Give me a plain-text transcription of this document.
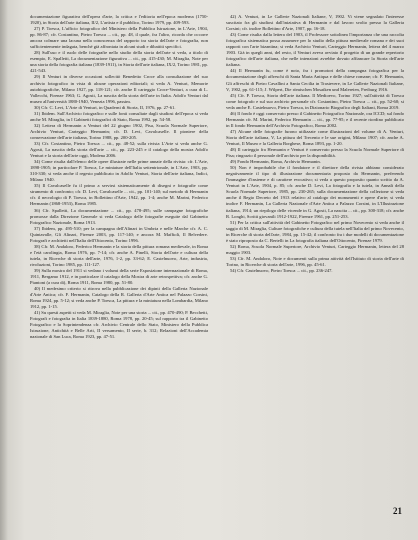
documentazione figurativa dell'opera d'arte, la critica e l'editoria nell'epoca moderna (1750-1920), in Storia dell'arte italiana, II/2, L'artista e il pubblico, Torino 1979, pp. 409-593.

27) P. Toesca, L'ufficio fotografico del Ministero della Pubblica Istruzione, in L'Arte, 1904, pp. 86-87; cfr. Costantino, Pietro Toesca ... cit., pp. 48, il quale, fra l'altro, ricorda che occorre ancora colmare una lacuna nella conoscenza del rapporto tra storia dell'arte e fotografia, non sufficientemente indagata, benché già affrontata in alcuni studi e dibattiti specifici.

28) Sull'uso e il ruolo delle fotografie nello studio della storia dell'arte si veda, a titolo di esempio, E. Spalletti, La documentazione figurativa ... cit., pp. 415-430; M. Miraglia, Note per una storia della fotografia italiana (1839-1911), in Storia dell'arte italiana, IX/2, Torino 1981, pp. 421-543.

29) Il Venturi in diverse occasioni sollecitò Benedetto Croce alla consultazione del suo archivio fotografico in vista di alcune operazioni editoriali; si veda A. Venturi, Memorie autobiografiche, Milano 1927, pp. 118-121; cfr. anche Il carteggio Croce-Venturi, a cura di L. Vallecchi, Firenze 1963; G. Agosti, La nascita della storia dell'arte in Italia. Adolfo Venturi dal museo all'università 1880-1940, Venezia 1996, passim.

30) Cfr. C. Levi, L'Arte di Venturi, in Quaderni di Storia, II, 1976, pp. 27-61.

31) Ibidem. Sull'Archivio fotografico e sulle fonti consultate dagli studiosi dell'epoca si veda anche M. Miraglia, in I Gabinetti fotografici di Stato, Roma 1992, pp. 54-58.

32) Lettera di Hermanin a Venturi del 22 giugno 1902, Pisa, Scuola Normale Superiore, Archivio Venturi, Carteggio Hermanin; cfr. D. Levi, Cavalcaselle. Il pioniere della conservazione dell'arte italiana, Torino 1988, pp. 200-205.

33) Cfr. Costantino, Pietro Toesca ... cit., pp. 48-52; sulla rivista L'Arte si veda anche G. Agosti, La nascita della storia dell'arte ... cit., pp. 223-245 e il catalogo della mostra Adolfo Venturi e la storia dell'arte oggi, Modena 2006.

34) Come risulta dall'elenco delle opere illustrate nelle prime annate della rivista: cfr. L'Arte, 1898-1905; in particolare P. Toesca, Le miniature dell'Italia settentrionale, in L'Arte, 1903, pp. 310-330; si veda anche il regesto pubblicato in Adolfo Venturi, Storia dell'arte italiana, Indici, Milano 1940.

35) Il Cavalcaselle fu il primo a servirsi sistematicamente di disegni e fotografie come strumento di confronto; cfr. D. Levi, Cavalcaselle ... cit., pp. 101-140; sul metodo di Hermanin cfr. il necrologio di P. Toesca, in Bollettino d'Arte, 1942, pp. 1-4; anche M. Marini, Federico Hermanin (1868-1953), Roma 1985.

36) Cfr. Spalletti, La documentazione ... cit., pp. 478-495; sulle campagne fotografiche promosse dalla Direzione Generale si veda Catalogo delle fotografie eseguite dal Gabinetto Fotografico Nazionale, Roma 1913.

37) Ibidem, pp. 495-510; per la campagna dell'Alinari in Umbria e nelle Marche cfr. A. C. Quintavalle, Gli Alinari, Firenze 2003, pp. 117-140; e ancora M. Maffioli, Il Belvedere. Fotografi e architetti nell'Italia dell'Ottocento, Torino 1996.

38) Cfr. M. Andaloro, Federico Hermanin e la storia della pittura romana medievale, in Roma e l'età carolingia, Roma 1976, pp. 7-14; cfr. anche A. Pinelli, Storia dell'arte e cultura della tutela, in Ricerche di storia dell'arte, 1976, 1-2, pp. 33-62; E. Castelnuovo, Arte, industria, rivoluzioni, Torino 1985, pp. 111-127.

39) Sulla mostra del 1911 si vedano i volumi della serie Esposizione internazionale di Roma, 1911, Bergamo 1912, e in particolare il catalogo della Mostra di arte retrospettiva; cfr. anche G. Piantoni (a cura di), Roma 1911, Roma 1980, pp. 51-80.

40) Il medesimo criterio si ritrova nella pubblicazione dei dipinti della Galleria Nazionale d'Arte Antica; cfr. F. Hermanin, Catalogo della R. Galleria d'Arte Antica nel Palazzo Corsini, Roma 1924, pp. 5-12; si veda anche P. Toesca, La pittura e la miniatura nella Lombardia, Milano 1912, pp. 1-15.

41) Su questi aspetti si veda M. Miraglia, Note per una storia ... cit., pp. 470-490; P. Becchetti, Fotografi e fotografia in Italia 1839-1880, Roma 1978, pp. 20-45; sul rapporto tra il Gabinetto Fotografico e la Soprintendenza cfr. Archivio Centrale dello Stato, Ministero della Pubblica Istruzione, Antichità e Belle Arti, II versamento, II serie, b. 312; Relazioni dell'Accademia nazionale di San Luca, Roma 1923, pp. 47-51.

42) A. Venturi, in Le Gallerie Nazionali Italiane, V, 1902. Vi viene segnalato l'interesse suscitato fra gli studiosi dall'iniziativa di Hermanin e dal lavoro svolto presso la Galleria Corsini; cfr. inoltre Bollettino d'Arte, 1907, pp. 16-18.

43) Come risulta dalla lettera del 1903, il Professore sottolinea l'importanza che una raccolta fotografica sistematica possa assumere per lo studio della pittura medievale romana e dei suoi rapporti con l'arte bizantina; si veda Archivio Venturi, Carteggio Hermanin, lettera del 4 marzo 1903. Già in quegli anni, del resto, il Venturi aveva avviato il progetto di un grande repertorio fotografico dell'arte italiana, che nelle intenzioni avrebbe dovuto affiancare la Storia dell'arte italiana.

44) Il Hermanin fu, come è noto, fra i promotori della campagna fotografica per la documentazione degli affreschi di Santa Maria Antiqua e delle chiese romane; cfr. F. Hermanin, Gli affreschi di Pietro Cavallini a Santa Cecilia in Trastevere, in Le Gallerie Nazionali Italiane, V, 1902, pp. 61-115; J. Wilpert, Die römischen Mosaiken und Malereien, Freiburg 1916.

45) Cfr. P. Toesca, Storia dell'arte italiana. Il Medioevo, Torino 1927; sull'attività di Toesca come fotografo e sul suo archivio personale cfr. Costantino, Pietro Toesca ... cit., pp. 52-60; si veda anche E. Castelnuovo, Pietro Toesca, in Dizionario Biografico degli Italiani, Roma 2019.

46) Il fondo è oggi conservato presso il Gabinetto Fotografico Nazionale, ora ICCD; sul fondo Hermanin cfr. M. Marini, Federico Hermanin ... cit., pp. 77-95; e il recente riordino pubblicato in Il fondo Hermanin dell'Archivio Fotografico, Roma 2002.

47) Alcune delle fotografie furono utilizzate come illustrazioni del volume di A. Venturi, Storia dell'arte italiana, V, La pittura del Trecento e le sue origini, Milano 1907; cfr. anche A. Venturi, Il Museo e la Galleria Borghese, Roma 1893, pp. 1-20.

48) Il carteggio fra Hermanin e Venturi è conservato presso la Scuola Normale Superiore di Pisa; ringrazio il personale dell'archivio per la disponibilità.

49) Fondo Hermanin, Roma, Archivio Hermanin.

50) Non è improbabile che il fondatore e il direttore della rivista abbiano considerato negativamente il tipo di illustrazione documentaria proposto da Hermanin, preferendo l'immagine d'insieme e di carattere evocativo; si veda a questo proposito quanto scritto da A. Venturi in L'Arte, 1904, p. 85; cfr. anche D. Levi, La fotografia e la tutela, in Annali della Scuola Normale Superiore, 1985, pp. 230-265; sulla documentazione della collezione si veda anche il Regio Decreto del 1913 relativo al catalogo dei monumenti e opere d'arte; si veda inoltre F. Hermanin, La Galleria Nazionale d'Arte Antica a Palazzo Corsini, in L'Illustrazione italiana, 1914; un riepilogo delle vicende in G. Agosti, La nascita ... cit., pp. 300-318; cfr. anche R. Longhi, Scritti giovanili 1912-1922, Firenze 1961, pp. 251-253.

51) Per la critica sull'attività del Gabinetto Fotografico nel primo Novecento si veda anche il saggio di M. Miraglia, Culture fotografiche e cultura della tutela nell'Italia del primo Novecento, in Ricerche di storia dell'arte, 1984, pp. 15-42; il confronto fra i due modelli di documentazione è stato riproposto da C. Bertelli in La fotografia italiana dell'Ottocento, Firenze 1979.

52) Roma, Scuola Normale Superiore, Archivio Venturi, Carteggio Hermanin, lettera del 28 maggio 1903.

53) Cfr. M. Andaloro, Note e documenti sulla prima attività dell'Istituto di storia dell'arte di Torino, in Ricerche di storia dell'arte, 1996, pp. 45-61.

54) Cfr. Castelnuovo, Pietro Toesca ... cit., pp. 236-247.

21
